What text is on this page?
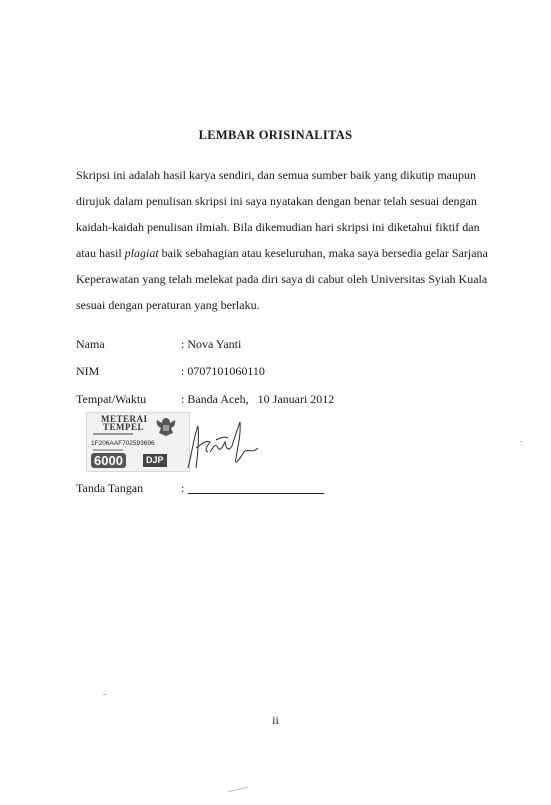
LEMBAR ORISINALITAS
Skripsi ini adalah hasil karya sendiri, dan semua sumber baik yang dikutip maupun
dirujuk dalam penulisan skripsi ini saya nyatakan dengan benar telah sesuai dengan
kaidah-kaidah penulisan ilmiah. Bila dikemudian hari skripsi ini diketahui fiktif dan
atau hasil plagiat baik sebahagian atau keseluruhan, maka saya bersedia gelar Sarjana
Keperawatan yang telah melekat pada diri saya di cabut oleh Universitas Syiah Kuala
sesuai dengan peraturan yang berlaku.
Nama	: Nova Yanti
NIM	: 0707101060110
Tempat/Waktu	: Banda Aceh,   10 Januari 2012
METERAI
TEMPEL
1F206AAF702593696
6000	DJP
Tanda Tangan	:
ii
